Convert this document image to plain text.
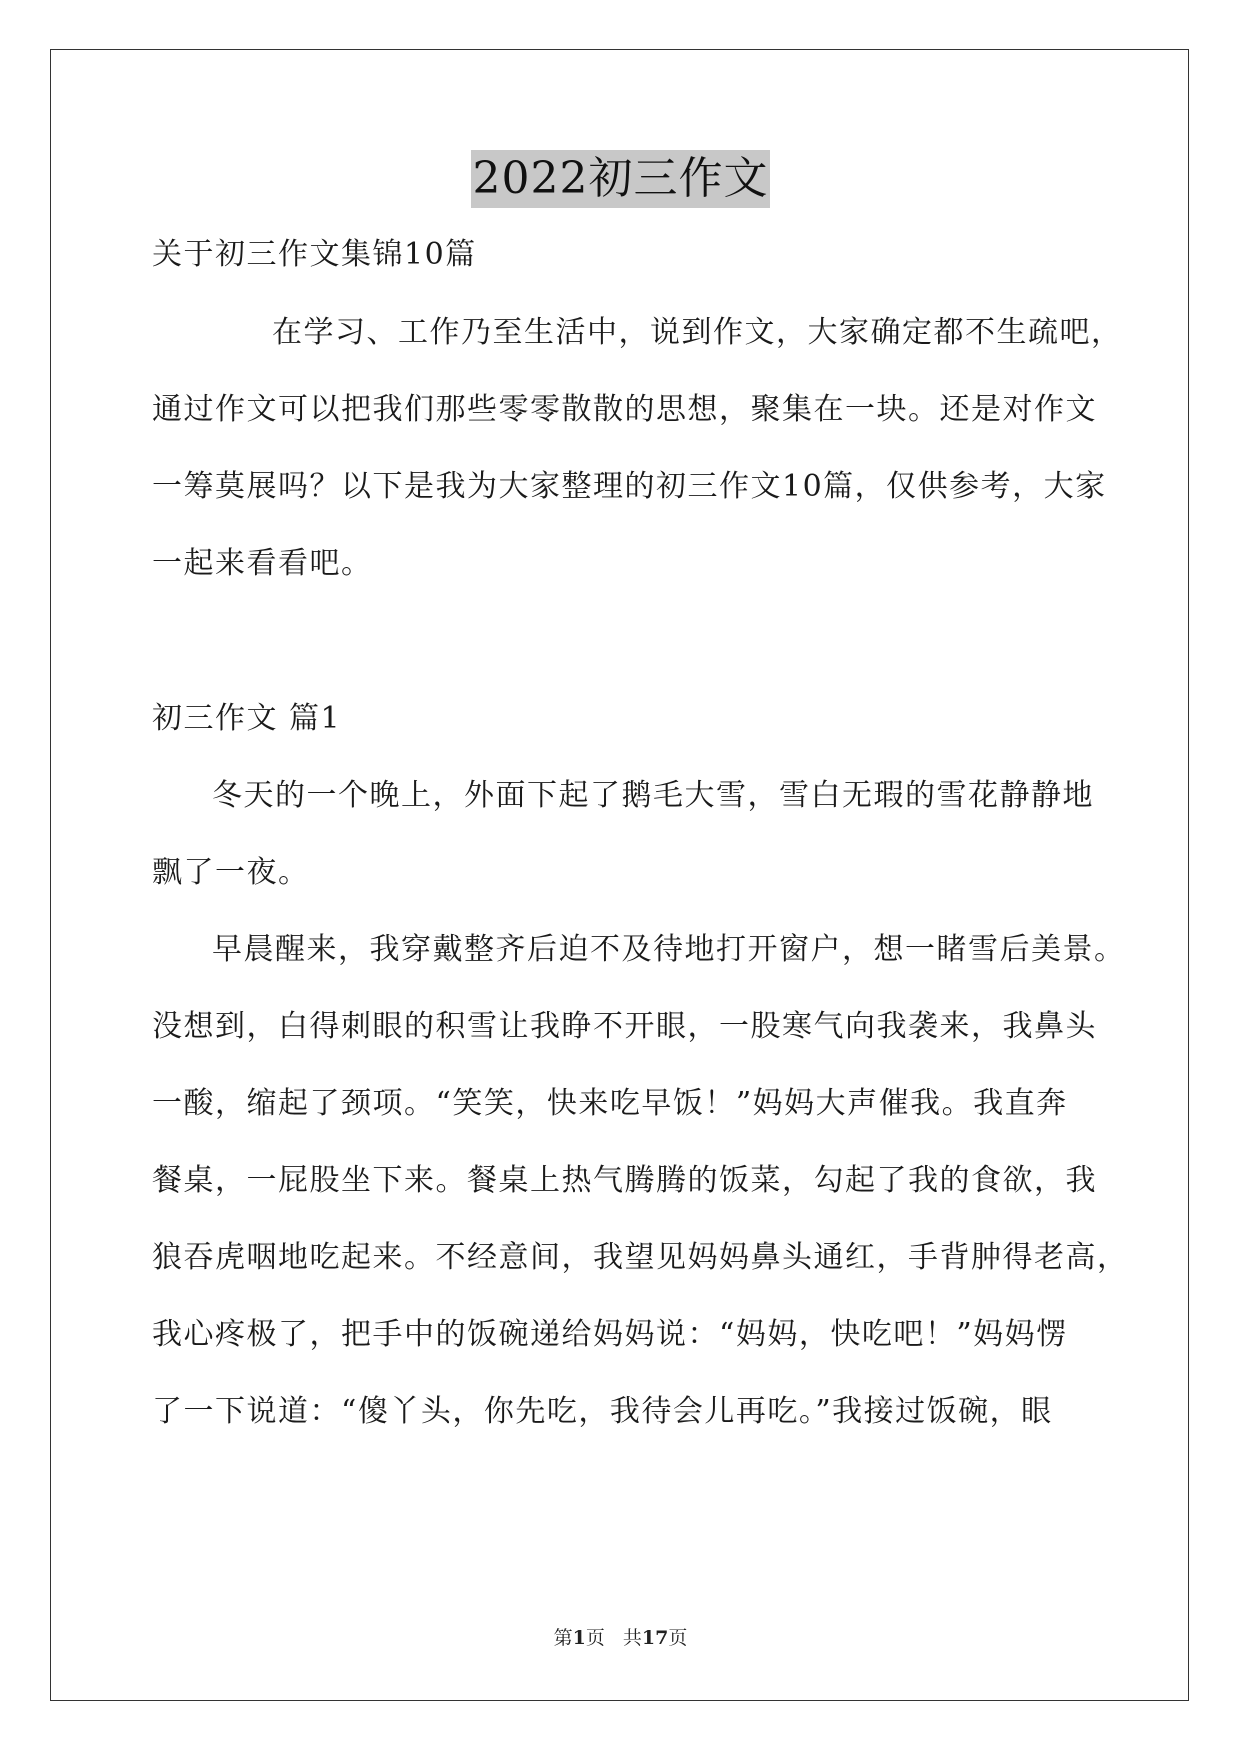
2022初三作文
关于初三作文集锦10篇
在学习、工作乃至生活中，说到作文，大家确定都不生疏吧，
通过作文可以把我们那些零零散散的思想，聚集在一块。还是对作文
一筹莫展吗？以下是我为大家整理的初三作文10篇，仅供参考，大家
一起来看看吧。
初三作文 篇1
冬天的一个晚上，外面下起了鹅毛大雪，雪白无瑕的雪花静静地
飘了一夜。
早晨醒来，我穿戴整齐后迫不及待地打开窗户，想一睹雪后美景。
没想到，白得刺眼的积雪让我睁不开眼，一股寒气向我袭来，我鼻头
一酸，缩起了颈项。“笑笑，快来吃早饭！”妈妈大声催我。我直奔
餐桌，一屁股坐下来。餐桌上热气腾腾的饭菜，勾起了我的食欲，我
狼吞虎咽地吃起来。不经意间，我望见妈妈鼻头通红，手背肿得老高，
我心疼极了，把手中的饭碗递给妈妈说：“妈妈，快吃吧！”妈妈愣
了一下说道：“傻丫头，你先吃，我待会儿再吃。”我接过饭碗，眼
第1页 共17页
